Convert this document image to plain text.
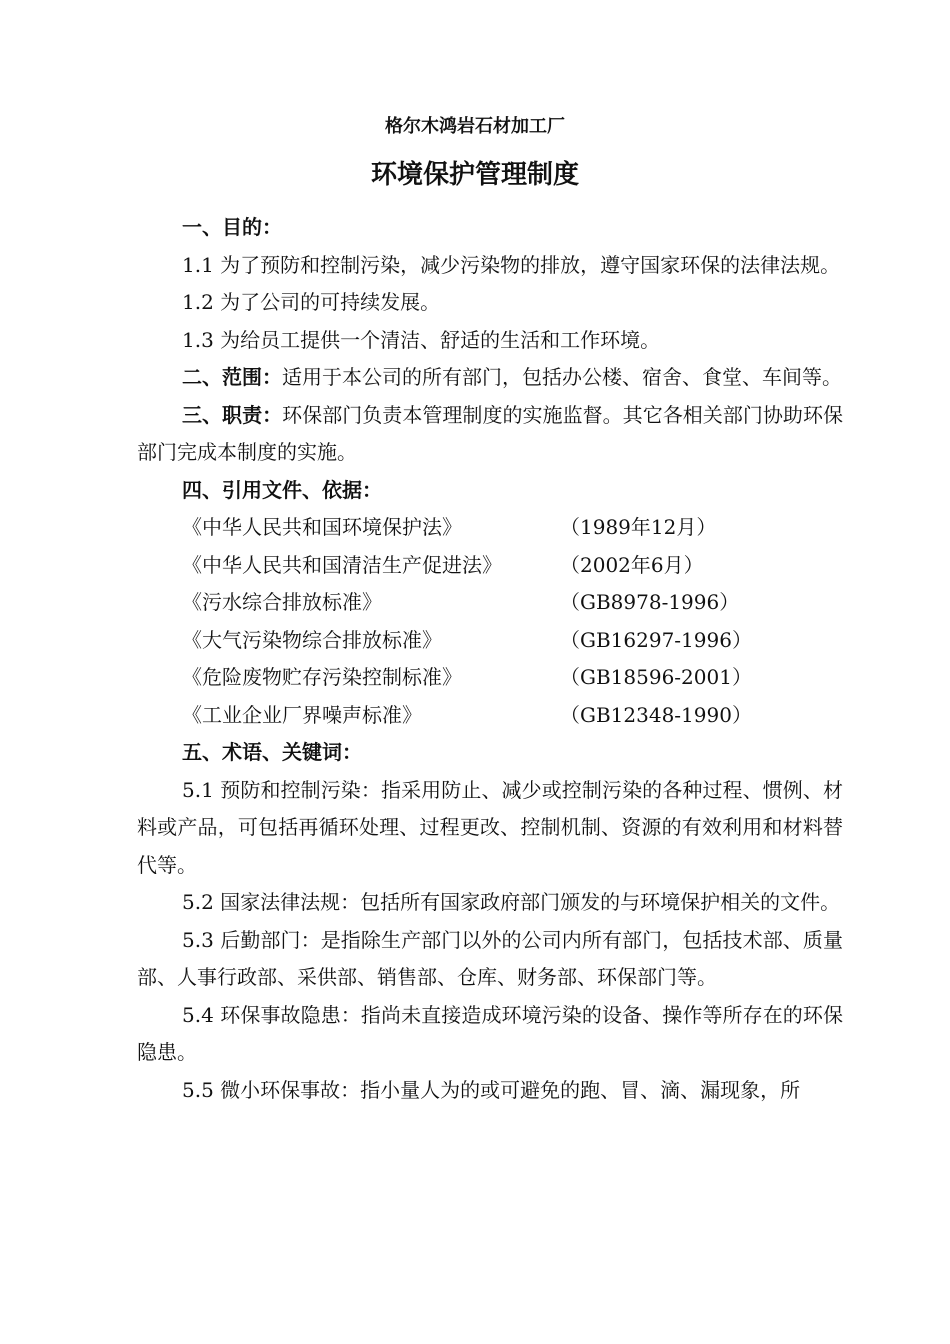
格尔木鸿岩石材加工厂
环境保护管理制度

一、目的：

1.1 为了预防和控制污染，减少污染物的排放，遵守国家环保的法律法规。

1.2 为了公司的可持续发展。

1.3 为给员工提供一个清洁、舒适的生活和工作环境。

二、范围：适用于本公司的所有部门，包括办公楼、宿舍、食堂、车间等。

三、职责：环保部门负责本管理制度的实施监督。其它各相关部门协助环保部门完成本制度的实施。

四、引用文件、依据：

《中华人民共和国环境保护法》	（1989年12月）
《中华人民共和国清洁生产促进法》	（2002年6月）
《污水综合排放标准》	（GB8978-1996）
《大气污染物综合排放标准》	（GB16297-1996）
《危险废物贮存污染控制标准》	（GB18596-2001）
《工业企业厂界噪声标准》	（GB12348-1990）

五、术语、关键词：

5.1 预防和控制污染：指采用防止、减少或控制污染的各种过程、惯例、材料或产品，可包括再循环处理、过程更改、控制机制、资源的有效利用和材料替代等。

5.2 国家法律法规：包括所有国家政府部门颁发的与环境保护相关的文件。

5.3 后勤部门：是指除生产部门以外的公司内所有部门，包括技术部、质量部、人事行政部、采供部、销售部、仓库、财务部、环保部门等。

5.4 环保事故隐患：指尚未直接造成环境污染的设备、操作等所存在的环保隐患。

5.5 微小环保事故：指小量人为的或可避免的跑、冒、滴、漏现象，所
